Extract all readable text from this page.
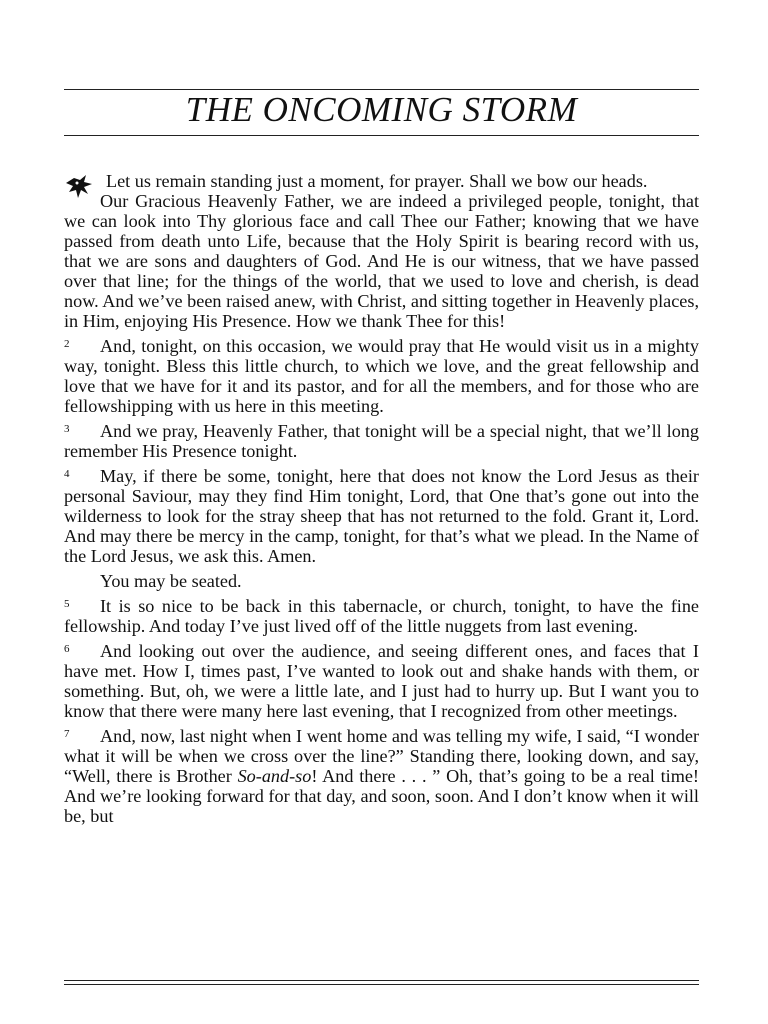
THE ONCOMING STORM

Let us remain standing just a moment, for prayer. Shall we bow our heads.

Our Gracious Heavenly Father, we are indeed a privileged people, tonight, that we can look into Thy glorious face and call Thee our Father; knowing that we have passed from death unto Life, because that the Holy Spirit is bearing record with us, that we are sons and daughters of God. And He is our witness, that we have passed over that line; for the things of the world, that we used to love and cherish, is dead now. And we’ve been raised anew, with Christ, and sitting together in Heavenly places, in Him, enjoying His Presence. How we thank Thee for this!

2 And, tonight, on this occasion, we would pray that He would visit us in a mighty way, tonight. Bless this little church, to which we love, and the great fellowship and love that we have for it and its pastor, and for all the members, and for those who are fellowshipping with us here in this meeting.

3 And we pray, Heavenly Father, that tonight will be a special night, that we’ll long remember His Presence tonight.

4 May, if there be some, tonight, here that does not know the Lord Jesus as their personal Saviour, may they find Him tonight, Lord, that One that’s gone out into the wilderness to look for the stray sheep that has not returned to the fold. Grant it, Lord. And may there be mercy in the camp, tonight, for that’s what we plead. In the Name of the Lord Jesus, we ask this. Amen.

You may be seated.

5 It is so nice to be back in this tabernacle, or church, tonight, to have the fine fellowship. And today I’ve just lived off of the little nuggets from last evening.

6 And looking out over the audience, and seeing different ones, and faces that I have met. How I, times past, I’ve wanted to look out and shake hands with them, or something. But, oh, we were a little late, and I just had to hurry up. But I want you to know that there were many here last evening, that I recognized from other meetings.

7 And, now, last night when I went home and was telling my wife, I said, “I wonder what it will be when we cross over the line?” Standing there, looking down, and say, “Well, there is Brother So-and-so! And there . . . ” Oh, that’s going to be a real time! And we’re looking forward for that day, and soon, soon. And I don’t know when it will be, but
